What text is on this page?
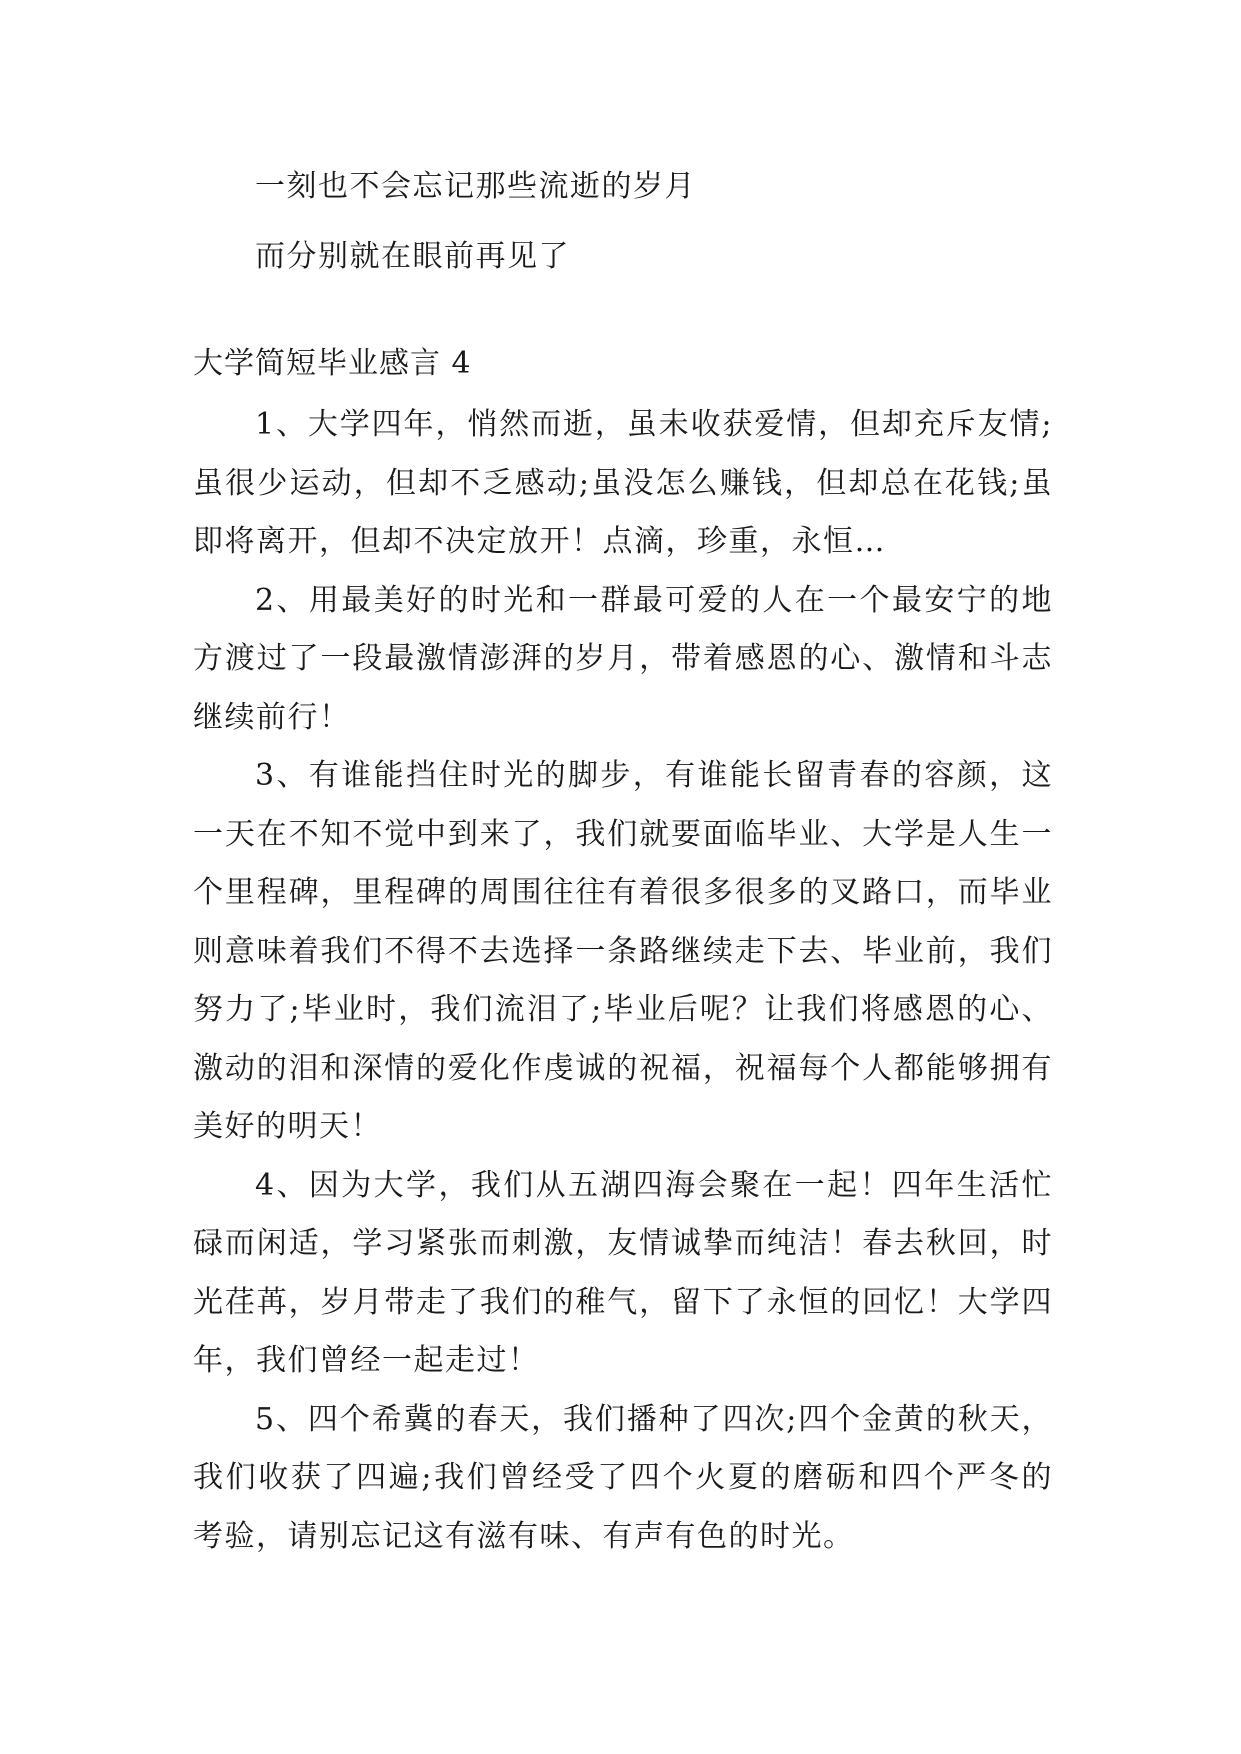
一刻也不会忘记那些流逝的岁月

而分别就在眼前再见了

大学简短毕业感言 4

1、大学四年，悄然而逝，虽未收获爱情，但却充斥友情;虽很少运动，但却不乏感动;虽没怎么赚钱，但却总在花钱;虽即将离开，但却不决定放开！点滴，珍重，永恒…

2、用最美好的时光和一群最可爱的人在一个最安宁的地方渡过了一段最激情澎湃的岁月，带着感恩的心、激情和斗志继续前行！

3、有谁能挡住时光的脚步，有谁能长留青春的容颜，这一天在不知不觉中到来了，我们就要面临毕业、大学是人生一个里程碑，里程碑的周围往往有着很多很多的叉路口，而毕业则意味着我们不得不去选择一条路继续走下去、毕业前，我们努力了;毕业时，我们流泪了;毕业后呢？让我们将感恩的心、激动的泪和深情的爱化作虔诚的祝福，祝福每个人都能够拥有美好的明天！

4、因为大学，我们从五湖四海会聚在一起！四年生活忙碌而闲适，学习紧张而刺激，友情诚挚而纯洁！春去秋回，时光荏苒，岁月带走了我们的稚气，留下了永恒的回忆！大学四年，我们曾经一起走过！

5、四个希冀的春天，我们播种了四次;四个金黄的秋天，我们收获了四遍;我们曾经受了四个火夏的磨砺和四个严冬的考验，请别忘记这有滋有味、有声有色的时光。
